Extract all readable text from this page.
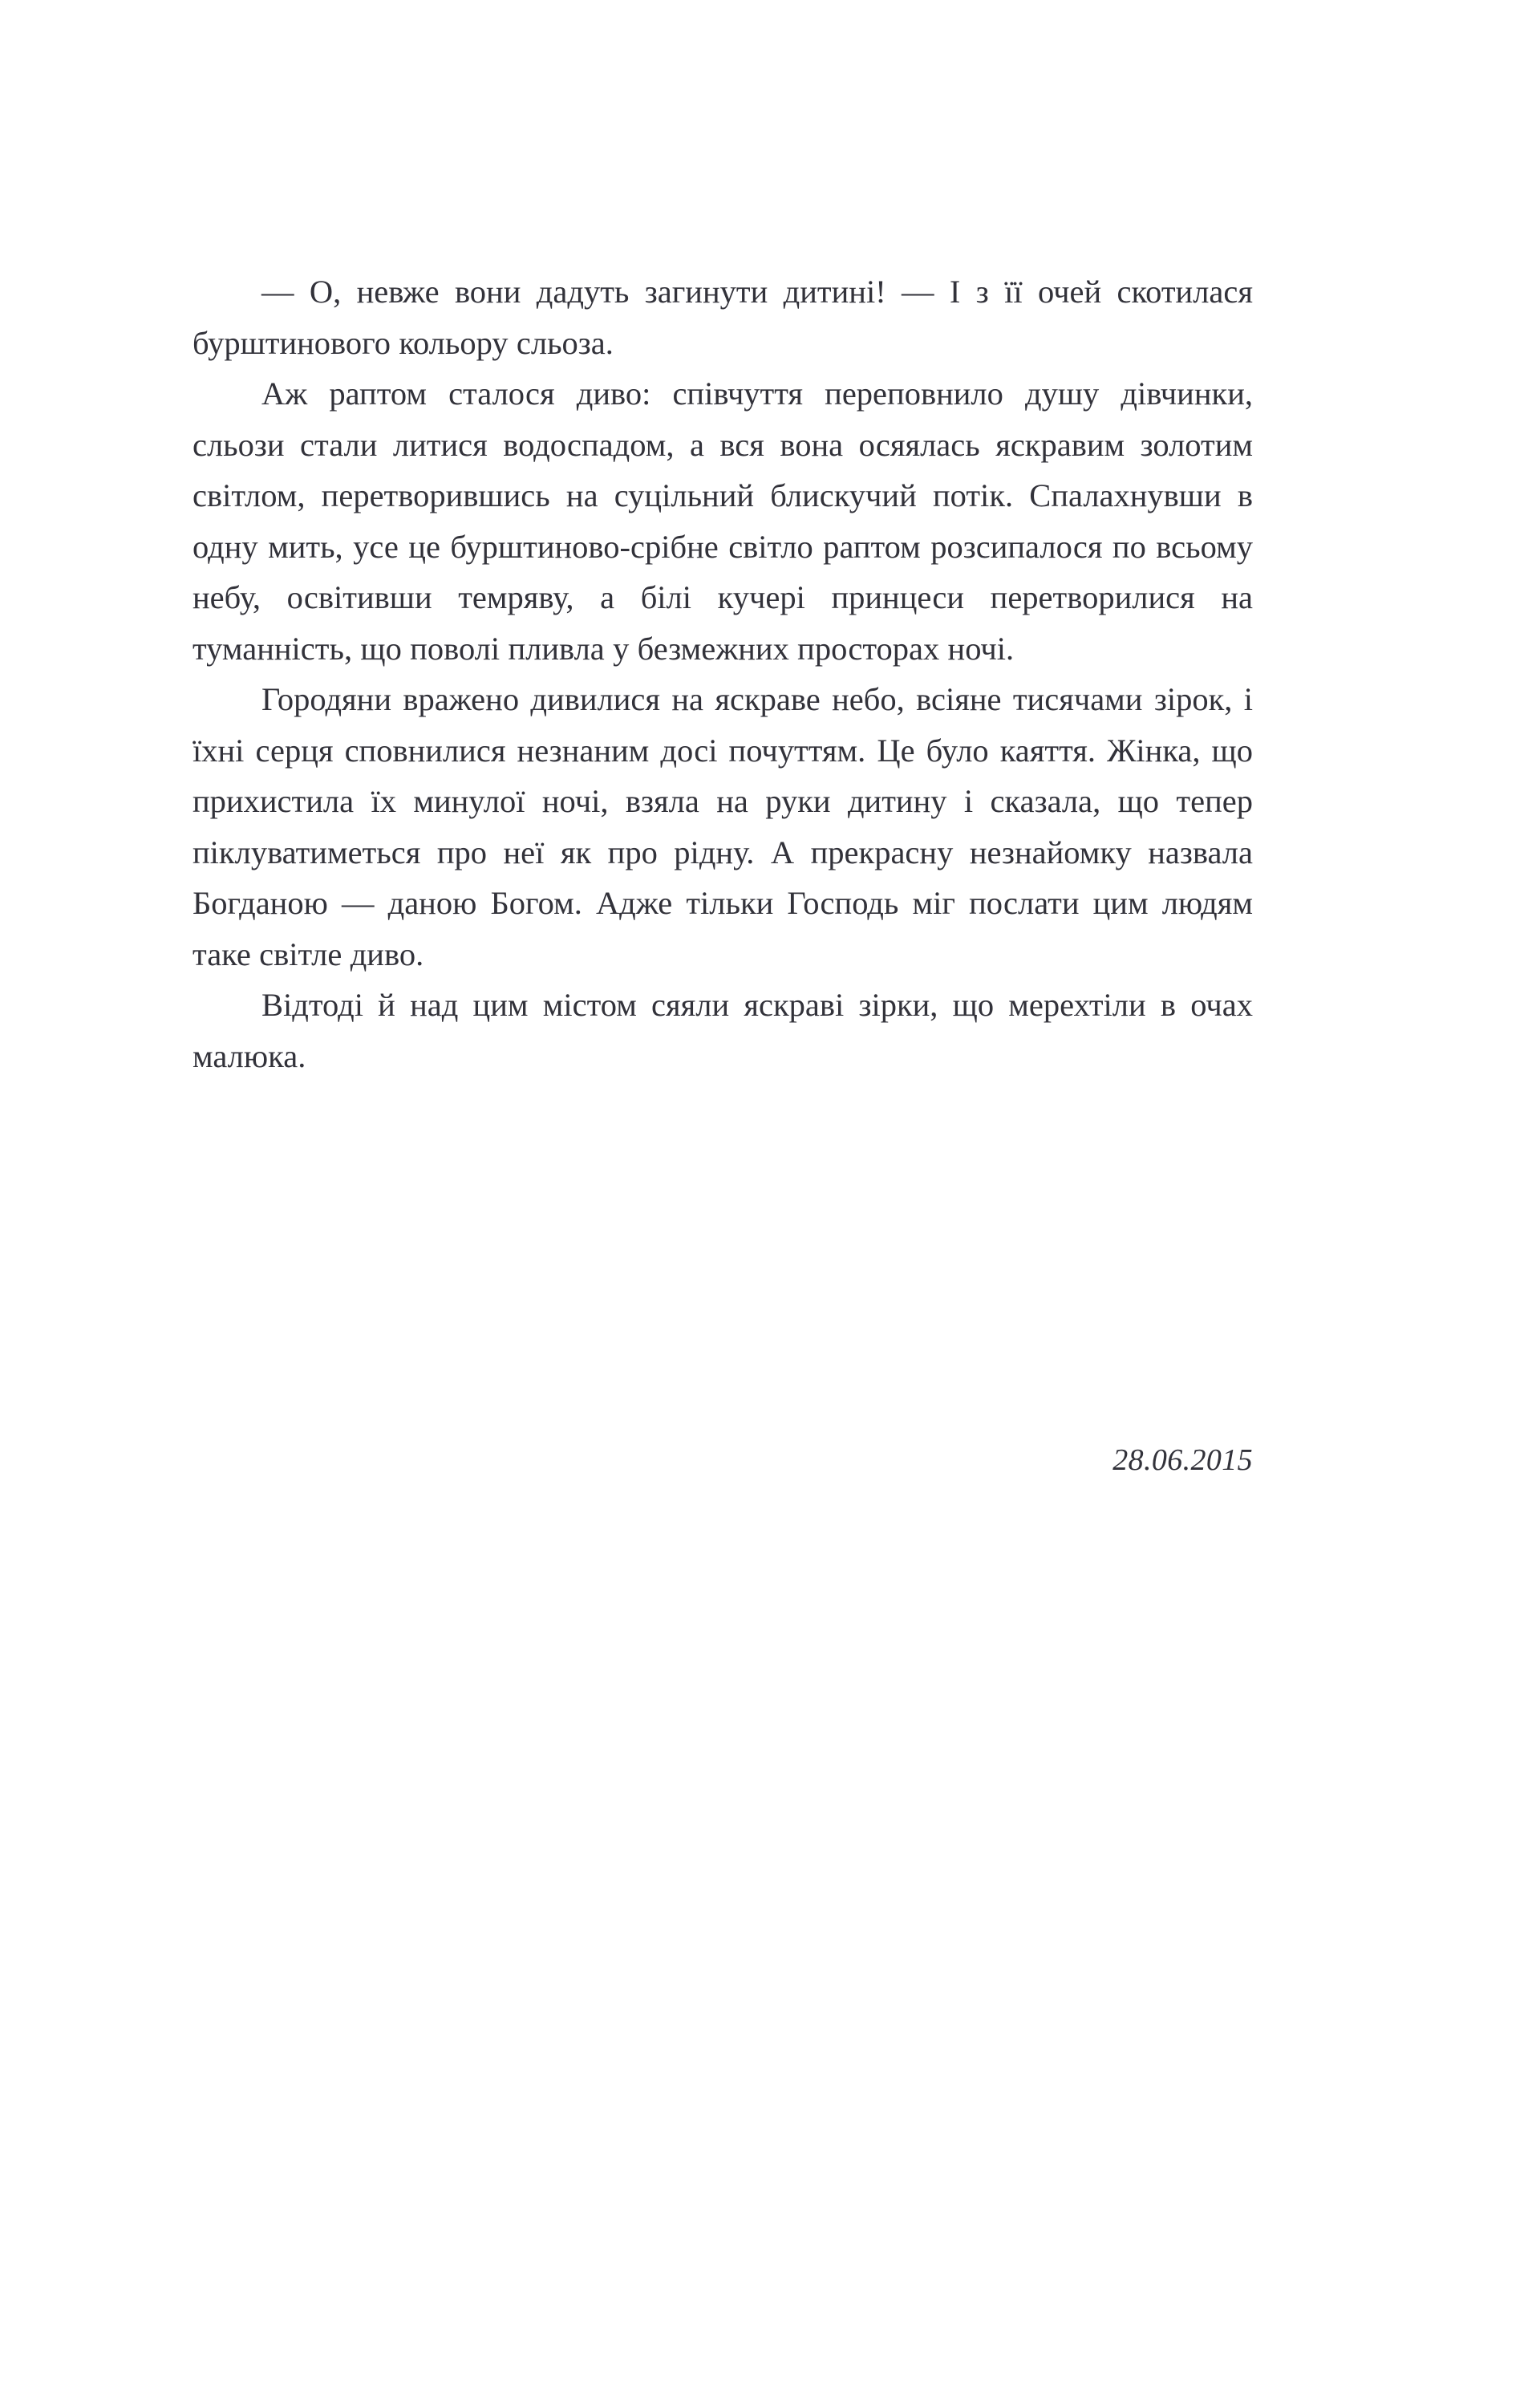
— О, невже вони дадуть загинути дитині! — І з її очей скотилася бурштинового кольору сльоза.

Аж раптом сталося диво: співчуття переповнило душу дівчинки, сльози стали литися водоспадом, а вся вона осяялась яскравим золотим світлом, перетворившись на суцільний блискучий потік. Спалахнувши в одну мить, усе це бурштиново-срібне світло раптом розсипалося по всьому небу, освітивши темряву, а білі кучері принцеси перетворилися на туманність, що поволі пливла у безмежних просторах ночі.

Городяни вражено дивилися на яскраве небо, всіяне тисячами зірок, і їхні серця сповнилися незнаним досі почуттям. Це було каяття. Жінка, що прихистила їх минулої ночі, взяла на руки дитину і сказала, що тепер піклуватиметься про неї як про рідну. А прекрасну незнайомку назвала Богданою — даною Богом. Адже тільки Господь міг послати цим людям таке світле диво.

Відтоді й над цим містом сяяли яскраві зірки, що мерехтіли в очах малюка.

28.06.2015
